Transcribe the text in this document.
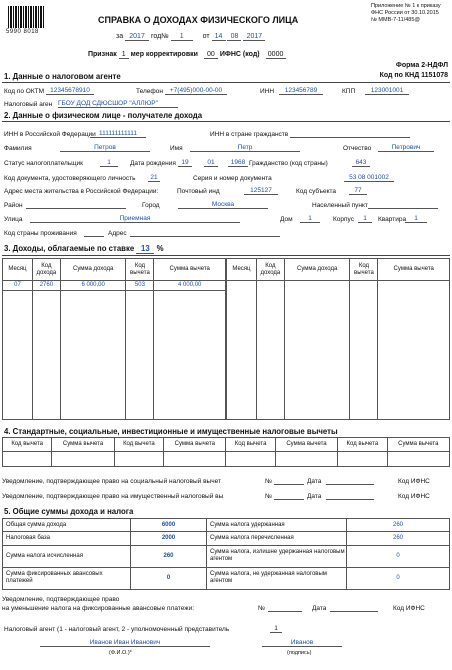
5990 8018
Приложение № 1 к приказу
ФНС России от 30.10.2015
№ ММВ-7-11/485@
СПРАВКА О ДОХОДАХ ФИЗИЧЕСКОГО ЛИЦА
за 2017 год№ 1	от 14 08 2017
Признак 1 мер корректировки 00 ИФНС (код) 0000
Форма 2-НДФЛ
Код по КНД 1151078
1. Данные о налоговом агенте
Код по ОКТМ 12345678910	Телефон	+7(495)000-00-00	ИНН	123456789	КПП	123001001
Налоговый аген ГБОУ ДОД СДЮСШОР "АЛЛЮР"
2. Данные о физическом лице - получателе дохода
ИНН в Российской Федерации 111111111111	ИНН в стране гражданств
Фамилия	Петров	Имя	Петр	Отчество	Петрович
Статус налогоплательщик	1	Дата рождения 19	01	1968 Гражданство (код страны)	643
Код документа, удостоверяющего личность	21	Серия и номер документа	53 08 001002
Адрес места жительства в Российской Федерации:	Почтовый инд	125127	Код субъекта	77
Район	Город	Москва	Населенный пункт
Улица	Приемная	Дом	1	Корпус	1	Квартира	1
Код страны проживания	Адрес
3. Доходы, облагаемые по ставке 13 %
Месяц	Код дохода	Сумма дохода	Код вычета	Сумма вычета
07	2760	6 000,00	503	4 000,00

Месяц	Код дохода	Сумма дохода	Код вычета	Сумма вычета

4. Стандартные, социальные, инвестиционные и имущественные налоговые вычеты
Код вычета	Сумма вычета	Код вычета	Сумма вычета	Код вычета	Сумма вычета	Код вычета	Сумма вычета

Уведомление, подтверждающее право на социальный налоговый вычет	№	Дата	Код ИФНС
Уведомление, подтверждающее право на имущественный налоговый вы	№	Дата	Код ИФНС
5. Общие суммы дохода и налога
Общая сумма дохода	6000	Сумма налога удержанная	260
Налоговая база	2000	Сумма налога перечисленная	260
Сумма налога исчисленная	260	Сумма налога, излишне удержанная налоговым агентом	0
Сумма фиксированных авансовых платежей	0	Сумма налога, не удержанная налоговым агентом	0
Уведомление, подтверждающее право
на уменьшение налога на фиксированные авансовые платежи:	№	Дата	Код ИФНС
Налоговый агент (1 - налоговый агент, 2 - уполномоченный представитель	1
Иванов Иван Иванович
(Ф.И.О.)*
Иванов
(подпись)
